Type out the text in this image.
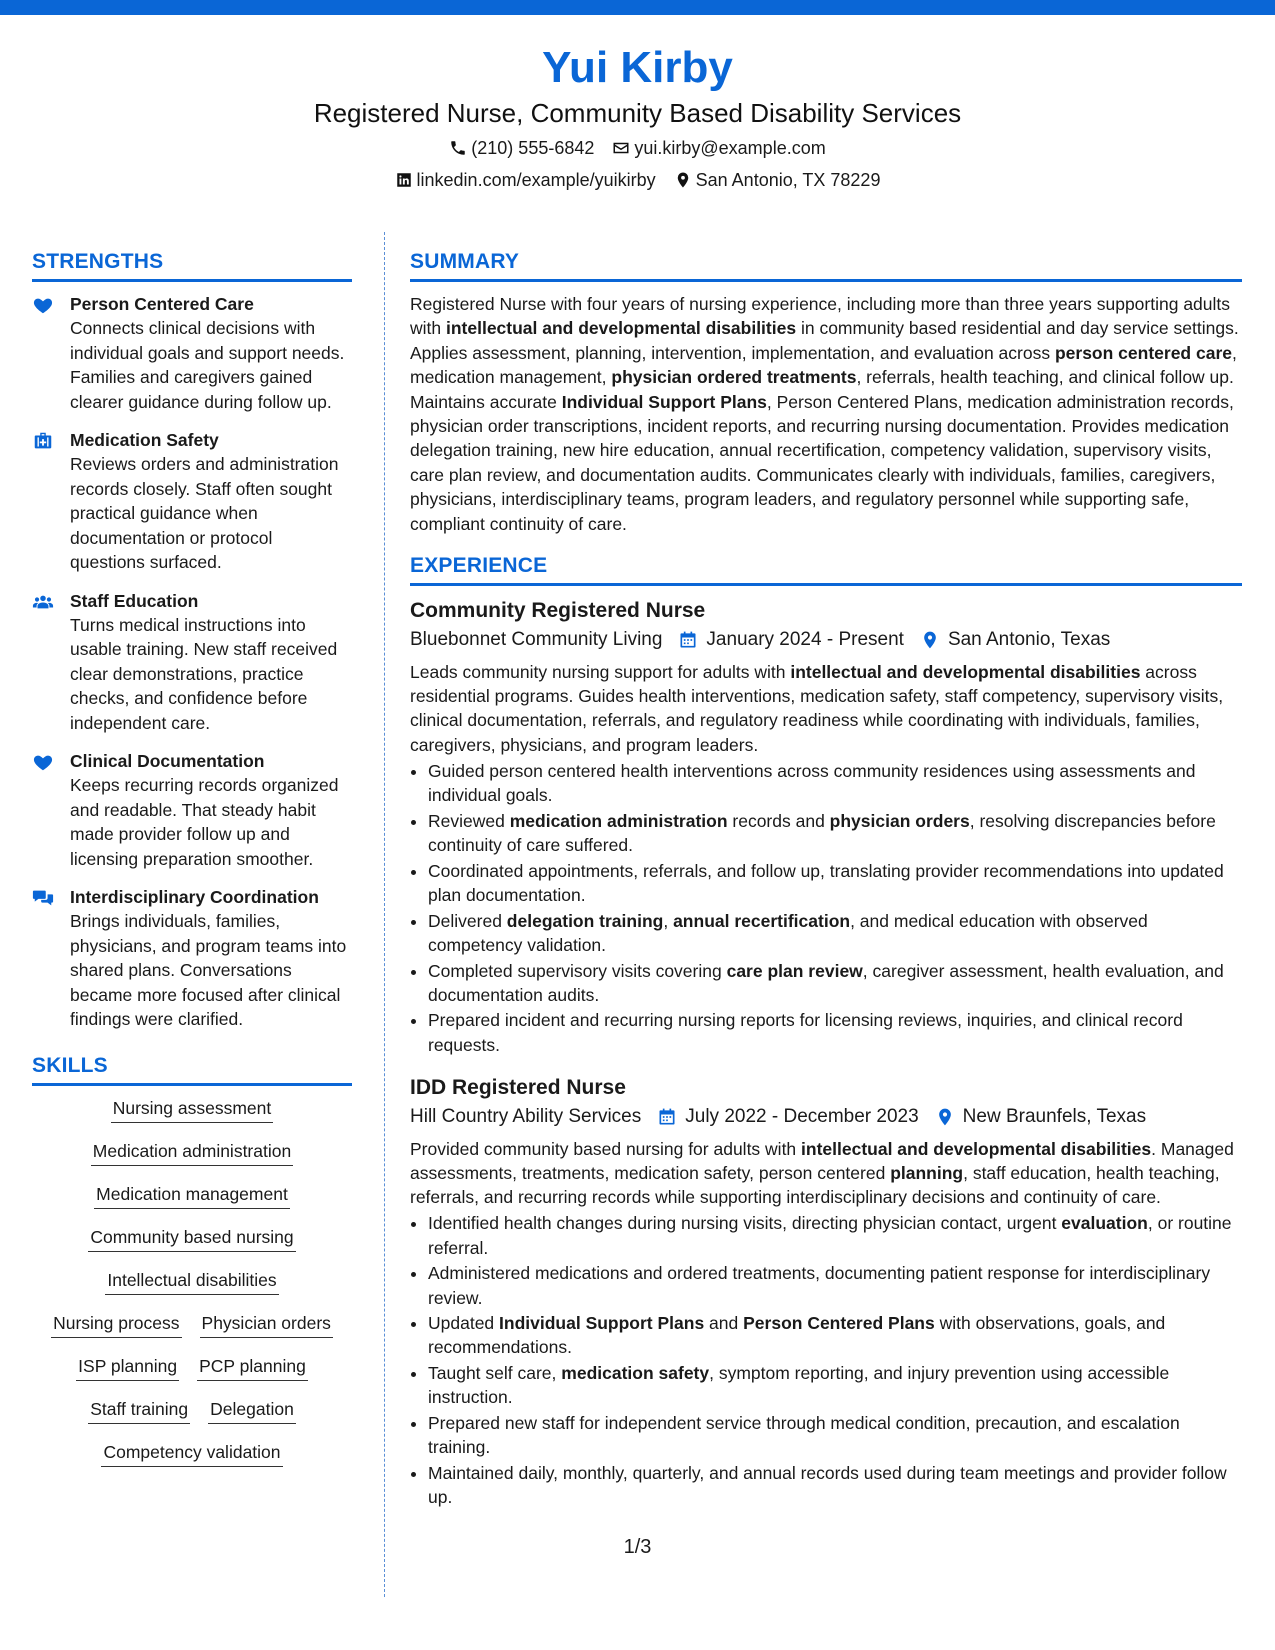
Yui Kirby
Registered Nurse, Community Based Disability Services
(210) 555-6842 yui.kirby@example.com
linkedin.com/example/yuikirby San Antonio, TX 78229
STRENGTHS
Person Centered Care
Connects clinical decisions with individual goals and support needs. Families and caregivers gained clearer guidance during follow up.
Medication Safety
Reviews orders and administration records closely. Staff often sought practical guidance when documentation or protocol questions surfaced.
Staff Education
Turns medical instructions into usable training. New staff received clear demonstrations, practice checks, and confidence before independent care.
Clinical Documentation
Keeps recurring records organized and readable. That steady habit made provider follow up and licensing preparation smoother.
Interdisciplinary Coordination
Brings individuals, families, physicians, and program teams into shared plans. Conversations became more focused after clinical findings were clarified.
SKILLS
Nursing assessment
Medication administration
Medication management
Community based nursing
Intellectual disabilities
Nursing process Physician orders
ISP planning PCP planning
Staff training Delegation
Competency validation
SUMMARY
Registered Nurse with four years of nursing experience, including more than three years supporting adults with intellectual and developmental disabilities in community based residential and day service settings. Applies assessment, planning, intervention, implementation, and evaluation across person centered care, medication management, physician ordered treatments, referrals, health teaching, and clinical follow up. Maintains accurate Individual Support Plans, Person Centered Plans, medication administration records, physician order transcriptions, incident reports, and recurring nursing documentation. Provides medication delegation training, new hire education, annual recertification, competency validation, supervisory visits, care plan review, and documentation audits. Communicates clearly with individuals, families, caregivers, physicians, interdisciplinary teams, program leaders, and regulatory personnel while supporting safe, compliant continuity of care.
EXPERIENCE
Community Registered Nurse
Bluebonnet Community Living January 2024 - Present San Antonio, Texas
Leads community nursing support for adults with intellectual and developmental disabilities across residential programs. Guides health interventions, medication safety, staff competency, supervisory visits, clinical documentation, referrals, and regulatory readiness while coordinating with individuals, families, caregivers, physicians, and program leaders.
• Guided person centered health interventions across community residences using assessments and individual goals.
• Reviewed medication administration records and physician orders, resolving discrepancies before continuity of care suffered.
• Coordinated appointments, referrals, and follow up, translating provider recommendations into updated plan documentation.
• Delivered delegation training, annual recertification, and medical education with observed competency validation.
• Completed supervisory visits covering care plan review, caregiver assessment, health evaluation, and documentation audits.
• Prepared incident and recurring nursing reports for licensing reviews, inquiries, and clinical record requests.
IDD Registered Nurse
Hill Country Ability Services July 2022 - December 2023 New Braunfels, Texas
Provided community based nursing for adults with intellectual and developmental disabilities. Managed assessments, treatments, medication safety, person centered planning, staff education, health teaching, referrals, and recurring records while supporting interdisciplinary decisions and continuity of care.
• Identified health changes during nursing visits, directing physician contact, urgent evaluation, or routine referral.
• Administered medications and ordered treatments, documenting patient response for interdisciplinary review.
• Updated Individual Support Plans and Person Centered Plans with observations, goals, and recommendations.
• Taught self care, medication safety, symptom reporting, and injury prevention using accessible instruction.
• Prepared new staff for independent service through medical condition, precaution, and escalation training.
• Maintained daily, monthly, quarterly, and annual records used during team meetings and provider follow up.
1/3
